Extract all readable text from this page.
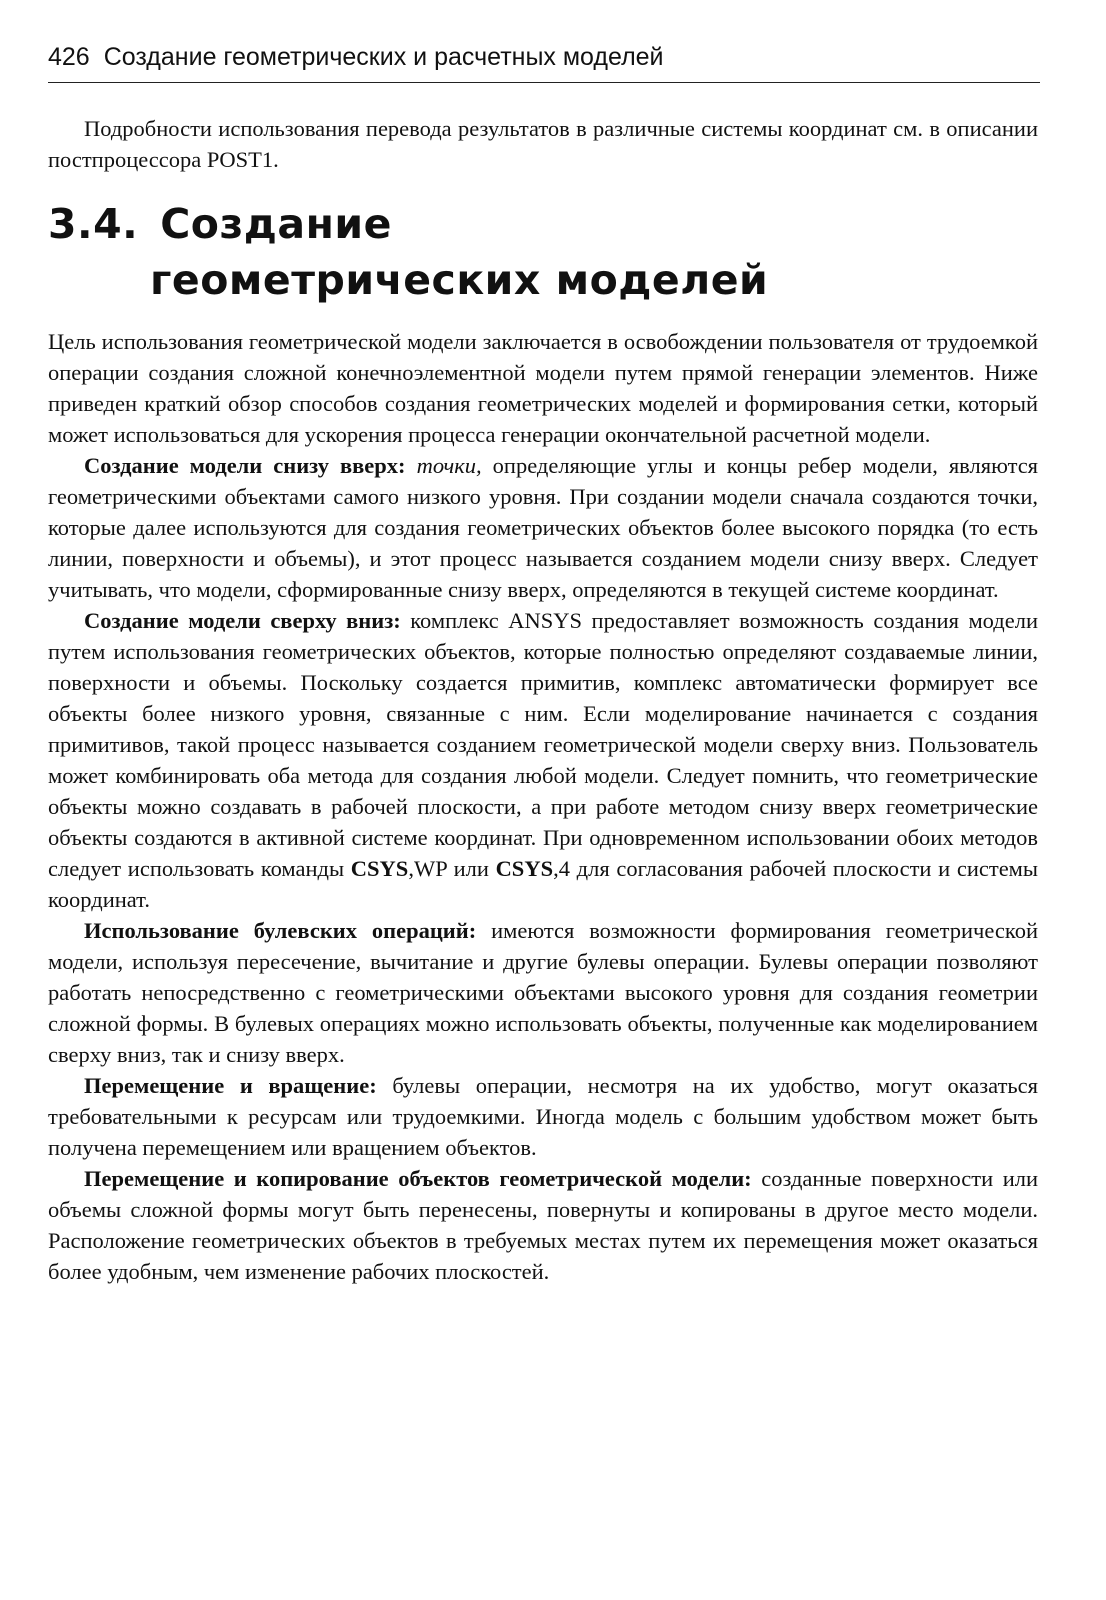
426 Создание геометрических и расчетных моделей

Подробности использования перевода результатов в различные системы координат см. в описании постпроцессора POST1.

3.4. Создание
геометрических моделей

Цель использования геометрической модели заключается в освобождении пользователя от трудоемкой операции создания сложной конечноэлементной модели путем прямой генерации элементов. Ниже приведен краткий обзор способов создания геометрических моделей и формирования сетки, который может использоваться для ускорения процесса генерации окончательной расчетной модели.

Создание модели снизу вверх: точки, определяющие углы и концы ребер модели, являются геометрическими объектами самого низкого уровня. При создании модели сначала создаются точки, которые далее используются для создания геометрических объектов более высокого порядка (то есть линии, поверхности и объемы), и этот процесс называется созданием модели снизу вверх. Следует учитывать, что модели, сформированные снизу вверх, определяются в текущей системе координат.

Создание модели сверху вниз: комплекс ANSYS предоставляет возможность создания модели путем использования геометрических объектов, которые полностью определяют создаваемые линии, поверхности и объемы. Поскольку создается примитив, комплекс автоматически формирует все объекты более низкого уровня, связанные с ним. Если моделирование начинается с создания примитивов, такой процесс называется созданием геометрической модели сверху вниз. Пользователь может комбинировать оба метода для создания любой модели. Следует помнить, что геометрические объекты можно создавать в рабочей плоскости, а при работе методом снизу вверх геометрические объекты создаются в активной системе координат. При одновременном использовании обоих методов следует использовать команды CSYS,WP или CSYS,4 для согласования рабочей плоскости и системы координат.

Использование булевских операций: имеются возможности формирования геометрической модели, используя пересечение, вычитание и другие булевы операции. Булевы операции позволяют работать непосредственно с геометрическими объектами высокого уровня для создания геометрии сложной формы. В булевых операциях можно использовать объекты, полученные как моделированием сверху вниз, так и снизу вверх.

Перемещение и вращение: булевы операции, несмотря на их удобство, могут оказаться требовательными к ресурсам или трудоемкими. Иногда модель с большим удобством может быть получена перемещением или вращением объектов.

Перемещение и копирование объектов геометрической модели: созданные поверхности или объемы сложной формы могут быть перенесены, повернуты и копированы в другое место модели. Расположение геометрических объектов в требуемых местах путем их перемещения может оказаться более удобным, чем изменение рабочих плоскостей.
